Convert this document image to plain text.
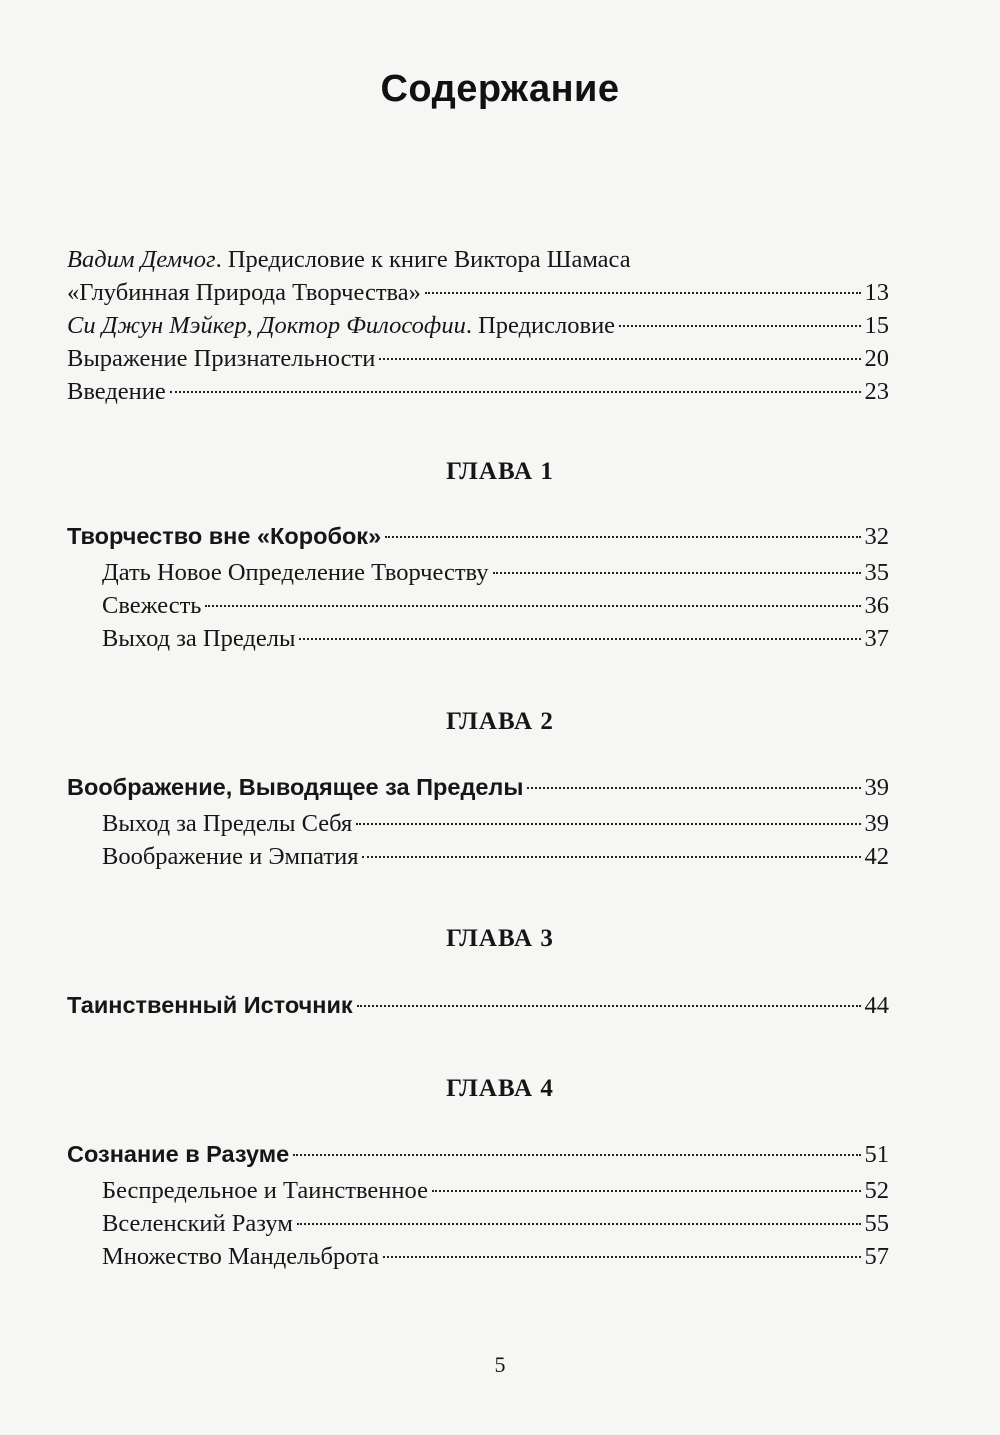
Содержание
Вадим Демчог. Предисловие к книге Виктора Шамаса
«Глубинная Природа Творчества»	13
Си Джун Мэйкер, Доктор Философии. Предисловие	15
Выражение Признательности	20
Введение	23
ГЛАВА 1
Творчество вне «Коробок»	32
Дать Новое Определение Творчеству	35
Свежесть	36
Выход за Пределы	37
ГЛАВА 2
Воображение, Выводящее за Пределы	39
Выход за Пределы Себя	39
Воображение и Эмпатия	42
ГЛАВА 3
Таинственный Источник	44
ГЛАВА 4
Сознание в Разуме	51
Беспредельное и Таинственное	52
Вселенский Разум	55
Множество Мандельброта	57
5
